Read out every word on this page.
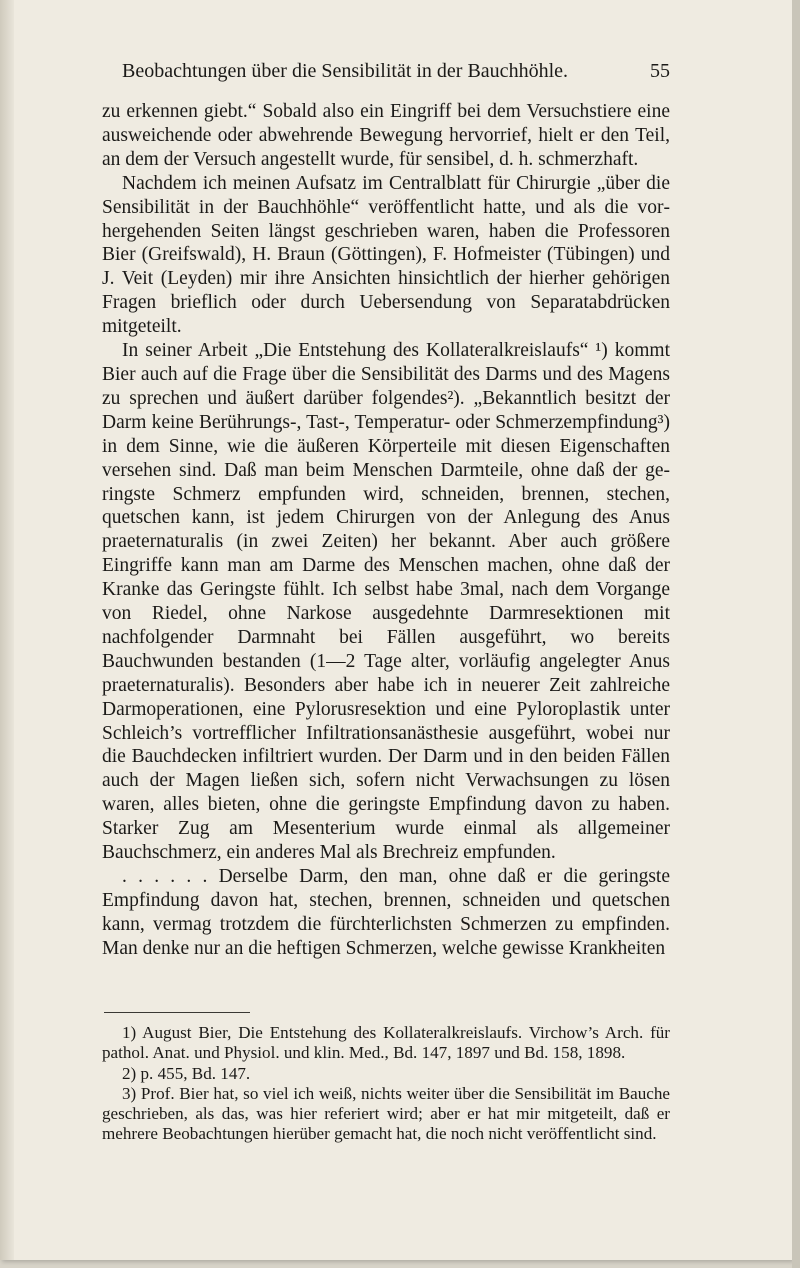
Beobachtungen über die Sensibilität in der Bauchhöhle.	55

zu erkennen giebt.“ Sobald also ein Eingriff bei dem Versuchstiere eine ausweichende oder abwehrende Bewegung hervorrief, hielt er den Teil, an dem der Versuch angestellt wurde, für sensibel, d. h. schmerzhaft.

Nachdem ich meinen Aufsatz im Centralblatt für Chirurgie „über die Sensibilität in der Bauchhöhle“ veröffentlicht hatte, und als die vorhergehenden Seiten längst geschrieben waren, haben die Professoren Bier (Greifswald), H. Braun (Göttingen), F. Hofmeister (Tübingen) und J. Veit (Leyden) mir ihre Ansichten hinsichtlich der hierher gehörigen Fragen brieflich oder durch Uebersendung von Separatabdrücken mitgeteilt.

In seiner Arbeit „Die Entstehung des Kollateralkreislaufs“ ¹) kommt Bier auch auf die Frage über die Sensibilität des Darms und des Magens zu sprechen und äußert darüber folgendes²). „Bekanntlich besitzt der Darm keine Berührungs-, Tast-, Temperatur- oder Schmerzempfindung³) in dem Sinne, wie die äußeren Körperteile mit diesen Eigenschaften versehen sind. Daß man beim Menschen Darmteile, ohne daß der geringste Schmerz empfunden wird, schneiden, brennen, stechen, quetschen kann, ist jedem Chirurgen von der Anlegung des Anus praeternaturalis (in zwei Zeiten) her bekannt. Aber auch größere Eingriffe kann man am Darme des Menschen machen, ohne daß der Kranke das Geringste fühlt. Ich selbst habe 3mal, nach dem Vorgange von Riedel, ohne Narkose ausgedehnte Darmresektionen mit nachfolgender Darmnaht bei Fällen ausgeführt, wo bereits Bauchwunden bestanden (1—2 Tage alter, vorläufig angelegter Anus praeternaturalis). Besonders aber habe ich in neuerer Zeit zahlreiche Darmoperationen, eine Pylorusresektion und eine Pyloroplastik unter Schleich’s vortrefflicher Infiltrationsanästhesie ausgeführt, wobei nur die Bauchdecken infiltriert wurden. Der Darm und in den beiden Fällen auch der Magen ließen sich, sofern nicht Verwachsungen zu lösen waren, alles bieten, ohne die geringste Empfindung davon zu haben. Starker Zug am Mesenterium wurde einmal als allgemeiner Bauchschmerz, ein anderes Mal als Brechreiz empfunden.

. . . . . . Derselbe Darm, den man, ohne daß er die geringste Empfindung davon hat, stechen, brennen, schneiden und quetschen kann, vermag trotzdem die fürchterlichsten Schmerzen zu empfinden. Man denke nur an die heftigen Schmerzen, welche gewisse Krankheiten

1) August Bier, Die Entstehung des Kollateralkreislaufs. Virchow’s Arch. für pathol. Anat. und Physiol. und klin. Med., Bd. 147, 1897 und Bd. 158, 1898.

2) p. 455, Bd. 147.

3) Prof. Bier hat, so viel ich weiß, nichts weiter über die Sensibilität im Bauche geschrieben, als das, was hier referiert wird; aber er hat mir mitgeteilt, daß er mehrere Beobachtungen hierüber gemacht hat, die noch nicht veröffentlicht sind.
